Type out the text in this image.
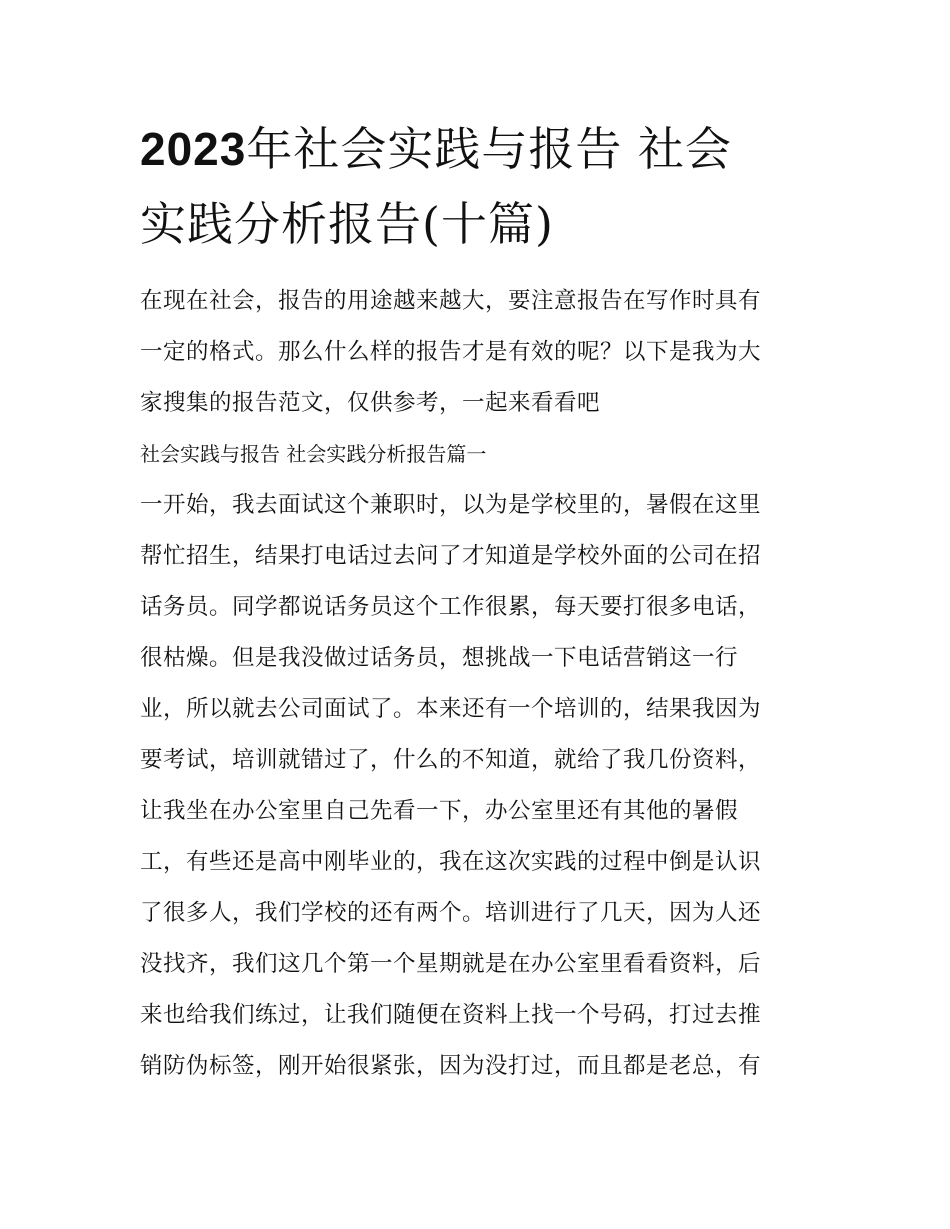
2023年社会实践与报告 社会
实践分析报告(十篇)
在现在社会，报告的用途越来越大，要注意报告在写作时具有
一定的格式。那么什么样的报告才是有效的呢？以下是我为大
家搜集的报告范文，仅供参考，一起来看看吧
社会实践与报告 社会实践分析报告篇一
一开始，我去面试这个兼职时，以为是学校里的，暑假在这里
帮忙招生，结果打电话过去问了才知道是学校外面的公司在招
话务员。同学都说话务员这个工作很累，每天要打很多电话，
很枯燥。但是我没做过话务员，想挑战一下电话营销这一行
业，所以就去公司面试了。本来还有一个培训的，结果我因为
要考试，培训就错过了，什么的不知道，就给了我几份资料，
让我坐在办公室里自己先看一下，办公室里还有其他的暑假
工，有些还是高中刚毕业的，我在这次实践的过程中倒是认识
了很多人，我们学校的还有两个。培训进行了几天，因为人还
没找齐，我们这几个第一个星期就是在办公室里看看资料，后
来也给我们练过，让我们随便在资料上找一个号码，打过去推
销防伪标签，刚开始很紧张，因为没打过，而且都是老总，有
